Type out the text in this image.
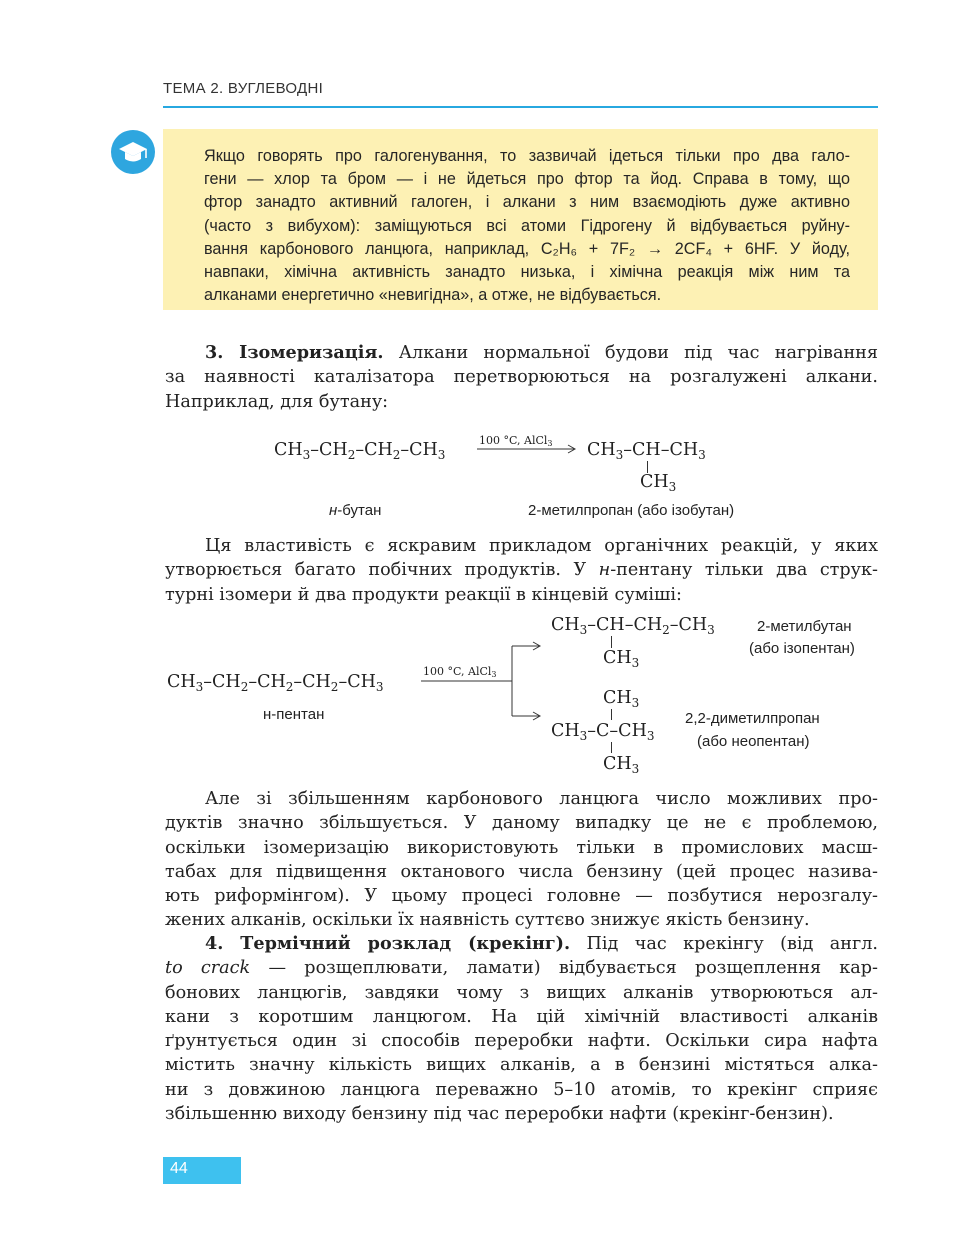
ТЕМА 2. ВУГЛЕВОДНІ
Якщо говорять про галогенування, то зазвичай ідеться тільки про два гало-
гени — хлор та бром — і не йдеться про фтор та йод. Справа в тому, що
фтор занадто активний галоген, і алкани з ним взаємодіють дуже активно
(часто з вибухом): заміщуються всі атоми Гідрогену й відбувається руйну-
вання карбонового ланцюга, наприклад, C₂H₆ + 7F₂ → 2CF₄ + 6HF. У йоду,
навпаки, хімічна активність занадто низька, і хімічна реакція між ним та
алканами енергетично «невигідна», а отже, не відбувається.
3. Ізомеризація. Алкани нормальної будови під час нагрівання
за наявності каталізатора перетворюються на розгалужені алкани.
Наприклад, для бутану:
$CH_3-CH_2-CH_2-CH_3$
100 °C, AlCl$_3$ $CH_3-CH-CH_3$
$CH_3$
н-бутан	2-метилпропан (або ізобутан)
Ця властивість є яскравим прикладом органічних реакцій, у яких
утворюється багато побічних продуктів. У н-пентану тільки два струк-
турні ізомери й два продукти реакції в кінцевій суміші:
$CH_3-CH-CH_2-CH_3$
$CH_3$
2-метилбутан
(або ізопентан)
$CH_3-CH_2-CH_2-CH_2-CH_3$
100 °C, AlCl$_3$
н-пентан
$CH_3$
$CH_3-C-CH_3$
$CH_3$
2,2-диметилпропан
(або неопентан)
Але зі збільшенням карбонового ланцюга число можливих про-
дуктів значно збільшується. У даному випадку це не є проблемою,
оскільки ізомеризацію використовують тільки в промислових масш-
табах для підвищення октанового числа бензину (цей процес назива-
ють риформінгом). У цьому процесі головне — позбутися нерозгалу-
жених алканів, оскільки їх наявність суттєво знижує якість бензину.
4. Термічний розклад (крекінг). Під час крекінгу (від англ.
to crack — розщеплювати, ламати) відбувається розщеплення кар-
бонових ланцюгів, завдяки чому з вищих алканів утворюються ал-
кани з коротшим ланцюгом. На цій хімічній властивості алканів
ґрунтується один зі способів переробки нафти. Оскільки сира нафта
містить значну кількість вищих алканів, а в бензині містяться алка-
ни з довжиною ланцюга переважно 5–10 атомів, то крекінг сприяє
збільшенню виходу бензину під час переробки нафти (крекінг-бензин).
44
